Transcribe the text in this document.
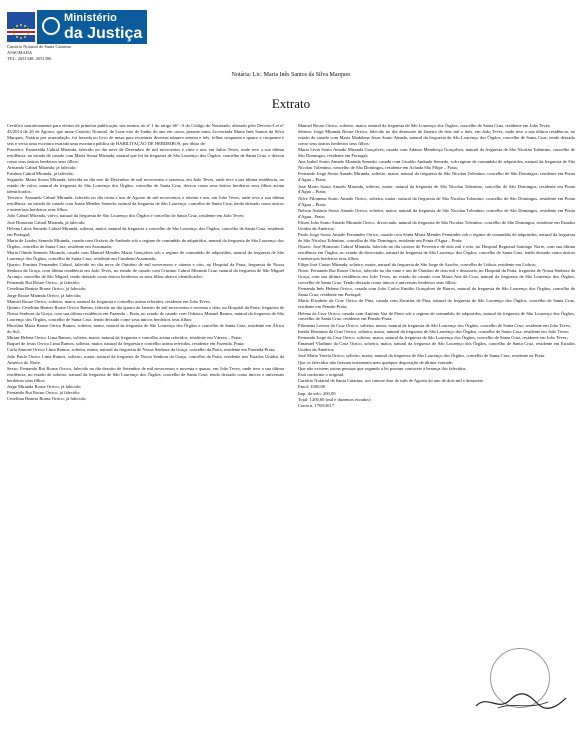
Ministério
da Justiça
Cartório Notarial de Santa Catarina
ASSOMADA
TEL: 2651348. 2651386
Notária: Lic. Maria Inês Santos da Silva Marques
Extrato

Certifico narrativamente para efeitos de primeira publicação, nos termos do nº 1 do artigo 66º -A do Código do Notariado, alterado pelo Decreto-Lei nº 45/2014 de 20 de Agosto, que neste Cartório Notarial, de Loue este de Junho do ano em curso, perante mim, Licenciada Maria Inês Santos da Silva Marques, Notária por acumulação, foi lavrada no livro de notas para escrituras diversas número setenta e três, folhas cinquenta e quatro a cinquenta e seis e verso uma escritura exarada uma escritura pública de HABILITAÇÃO DE HERDEIROS, por óbito de:

Primeiro: Esmeralda Cabral Miranda, falecido no dia nove de Dezembro de mil novecentos e vinte e um, em Juliio Teves, onde teve a sua última residência, no estado de casado com Maria Sousa Miranda, natural que foi da freguesia de São Lourenço dos Órgãos, concelho de Santa Cruz, e deixou como seus únicos herdeiros seus filhos:

Armando Cabral Miranda, já falecido;

Ermínia Cabral Miranda, já falecida;

Segundo: Maria Sousa Miranda, falecida no dia sete de Dezembro de mil novecentos e sessenta, em João Teves, onde teve a sua última residência, no estado de viúva, natural da freguesia de São Lourenço dos Órgãos, concelho de Santa Cruz, deixou como seus únicos herdeiros seus filhos acima identificados.

Terceiro: Armando Cabral Miranda, falecido no dia trinta e um de Agosto de mil novecentos e oitenta e um, em João Teves, onde teve a sua última residência, no estado de casado com Joana Mendes Semedo, natural da freguesia de São Lourenço, concelho de Santa Cruz, tendo deixado como únicos e universais herdeiros seus filhos:

João Cabral Miranda, viúvo, natural da freguesia de São Lourenço dos Órgãos e concelho de Santa Cruz, residente em João Teves;

José Honorato Cabral Miranda, já falecido;

Helena Lúcia Semedo Cabral Miranda, solteira, maior, natural da freguesia e concelho de São Lourenço dos Órgãos, concelho de Santa Cruz, residente em Portugal;

Maria de Lurdes Semedo Miranda, casada com Octávio de Andrade sob o regime de comunhão de adquiridos, natural da freguesia de São Lourenço dos Órgãos, concelho de Santa Cruz, residente em Assomada;

Maria Olinda Semedo Miranda, casada com Manuel Mendes Maria Gonçalves sob o regime de comunhão de adquiridos, natural da freguesia de São Lourenço dos Órgãos, concelho de Santa Cruz, residente em Cumbem/Assomada;

Quarto: Ermínia Fernandes Cabral, falecido no dia nove de Outubro de mil novecentos e oitenta e oito, no Hospital da Praia, freguesia de Nossa Senhora da Graça, com última residência em João Teves, no estado de casado com Crimino Cabral Miranda Cruz, natural da freguesia de São Miguel Arcanjo, concelho de São Miguel, tendo deixado como únicos herdeiros os seus filhos abaixo identificados:

Fernando Rui Rouse Orrico, já falecido;

Ceseltina Beatriz Rouse Orrico, já falecida;

Jorge Rouse Miranda Orrico, já falecido;

Manuel Rouse Orrico, solteiro, maior, natural da freguesia e concelho acima referidos, residente em João Teves;

Quinto: Ceseltina Beatriz Rouse Orrico Ramos, falecida no dia quatro de Janeiro de mil novecentos e noventa e dois, no Hospital da Praia, freguesia de Nossa Senhora da Graça, com sua última residência em Fazenda – Praia, no estado de casado com Osbasco Manuel Ramos, natural da freguesia de São Lourenço dos Órgãos, concelho de Santa Cruz, tendo deixado como seus únicos herdeiros seus filhos:

Rhoslina Maria Rouse Orrico Ramos, solteira, maior, natural da freguesia de São Lourenço dos Órgãos e concelho de Santa Cruz, residente em África do Sul;

Mirian Helena Orrico Lima Ramos, solteira, maior, natural da freguesia e concelho acima referidos, residente em Várzea – Praia;

Raquel de Jesus Orrico Lima Ramos, solteira, maior, natural da freguesia e concelho acima referidos, residente em Fazenda, Praia;

Carla Simone Orrico Lima Ramos, solteira, maior, natural da freguesia de Nossa Senhora da Graça, concelho da Praia, residente em Fazenda-Praia;

João Paulo Orrico Lima Ramos, solteiro, maior, natural da freguesia de Nossa Senhora da Graça, concelho da Praia, residente nos Estados Unidos da América do Norte.

Sexto: Fernando Rui Rouse Orrico, falecido no dia dezoito de Setembro de mil novecentos e noventa e quatro, em João Teves, onde teve a sua última residência, no estado de solteiro, natural da freguesia de São Lourenço dos Órgãos, concelho de Santa Cruz, tendo deixado como únicos e universais herdeiros seus filhos:

Jorge Miranda Rouse Orrico, já falecido;

Fernando Rui Rouse Orrico, já falecido;

Ceseltina Beatriz Rouse Orrico, já falecida;

Manuel Rouse Orrico, solteiro, maior, natural da freguesia de São Lourenço dos Órgãos, concelho de Santa Cruz, residente em João Teves.

Sétimo: Jorge Miranda Rouse Orrico, falecido no dia dezassete de Janeiro de dois mil e dois, em João Teves, onde teve a sua última residência, no estado de casado com Maria Madalena Jesus Souto Amado, natural da freguesia de São Lourenço dos Órgãos, concelho de Santa Cruz, tendo deixado como seus únicos herdeiros seus filhos:

Maria Lívia Souto Amado Miranda Gonçalves, casada com Adauto Mendonça Gonçalves, natural da freguesia de São Nicolau Tolentino, concelho de São Domingos, residente em Portugal;

Ana Isabel Souto Amado Miranda Semedo, casada com Gisaldo Andrade Semedo, sob regime de comunhão de adquiridos, natural da freguesia de São Nicolau Tolentino, concelho de São Domingos, residente em Achada São Filipe – Praia;

Fernando Jorge Souto Amado Miranda, solteiro, maior, natural da freguesia de São Nicolau Tolentino, concelho de São Domingos, residente em Ponta d'Agua – Praia;

José Mario Souto Amado Miranda, solteiro, maior, natural da freguesia de São Nicolau Tolentino, concelho de São Domingos, residente em Ponta d'Agua – Praia;

Nilce Filomena Souto Amado Orrico, solteira, maior, natural da freguesia de São Nicolau Tolentino, concelho de São Domingos, residente em Ponta d'Agua – Praia;

Nelson António Souto Amado Orrico, solteiro, maior, natural da freguesia de São Nicolau Tolentino, concelho de São Domingos, residente em Ponta d'Agua– Praia;

Elisen João Souto Amado Miranda Orrico, divorciado, natural da freguesia de São Nicolau Tolentino, concelho de São Domingos, residente em Estados Unidos da América;

Paulo Jorge Souto Amado Fernandes Orrico, casado com Sónia Maria Mendes Fernandes sob o regime de comunhão de adquiridos, natural da freguesia de São Nicolau Tolentino, concelho de São Domingos, residente em Ponta d'Agua – Praia;

Oitavo: José Honorato Cabral Miranda, falecido no dia catorze de Fevereiro de dois mil e oito, no Hospital Regional Santiago Norte, com sua última residência em Órgãos, no estado de divorciado, natural da freguesia de São Lourenço dos Órgãos, concelho de Santa Cruz, tendo deixado como únicos e universais herdeiros seus filhos:

Filipe José Castro Miranda, solteiro, maior, natural da freguesia de São Jorge de Arzobo, concelho de Lisboa, residente em Lisboa;

Nono: Fernando Rui Rouse Orrico, falecido no dia vinte e um de Outubro de dois mil e dezasseis, no Hospital da Praia, freguesia de Nossa Senhora da Graça, com sua última residência em João Teves, no estado de casado com Maria Ana da Cruz, natural da freguesia de São Lourenço dos Órgãos, concelho de Santa Cruz. Tendo deixado como únicos e universais herdeiros seus filhos:

Fernanda Inês Helena Orrico, casada com João Carlos Emídio Gonçalves de Barros, natural da freguesia de São Lourenço dos Órgãos, concelho de Santa Cruz, residente em Portugal;

Maria Elizabete da Cruz Orrico de Pina, casada com Zacarias de Pina, natural da freguesia de São Lourenço dos Órgãos, concelho de Santa Cruz, residente em Pensão-Praia;

Helena da Cruz Orrico, casada com António Vaz de Pinto sob o regime de comunhão de adquiridos, natural da freguesia de São Lourenço dos Órgãos, concelho de Santa Cruz, residente em Pensão-Praia;

Filomena Leonor da Cruz Orrico, solteira, maior, natural da freguesia de São Lourenço dos Órgãos, concelho de Santa Cruz, residente em João Teves;

Ineida Herminia da Cruz Orrico, solteira, maior, natural da freguesia de São Lourenço dos Órgãos, concelho de Santa Cruz, residente em João Teves;

Fernando Jorge da Cruz Orrico, solteiro, maior, natural da freguesia de São Lourenço dos Órgãos, concelho de Santa Cruz, residente em João Teves;

Emanuel Vladimir da Cruz Orrico, solteiro, maior, natural da freguesia de São Lourenço dos Órgãos, concelho de Santa Cruz, residente em Estados Unidos da América;

José Mario Varela Orrico, solteiro, maior, natural da freguesia de São Lourenço dos Órgãos, concelho de Santa Cruz, residente na Praia.

Que os falecidos não fizeram testamento nem qualquer disposição de última vontade;

Que não existem outras pessoas que segundo a lei possam concorrer à herança dos falecidos.

Está conforme o original.

Cartório Notarial de Santa Catarina, aos catorze dias do mês de Agosto do ano de dois mil e dezassete.

Emol: 1000,00

Imp. do selo: 200,00

Total: 1200,00 (mil e duzentos escudos)

Conta n. 1769/2017
